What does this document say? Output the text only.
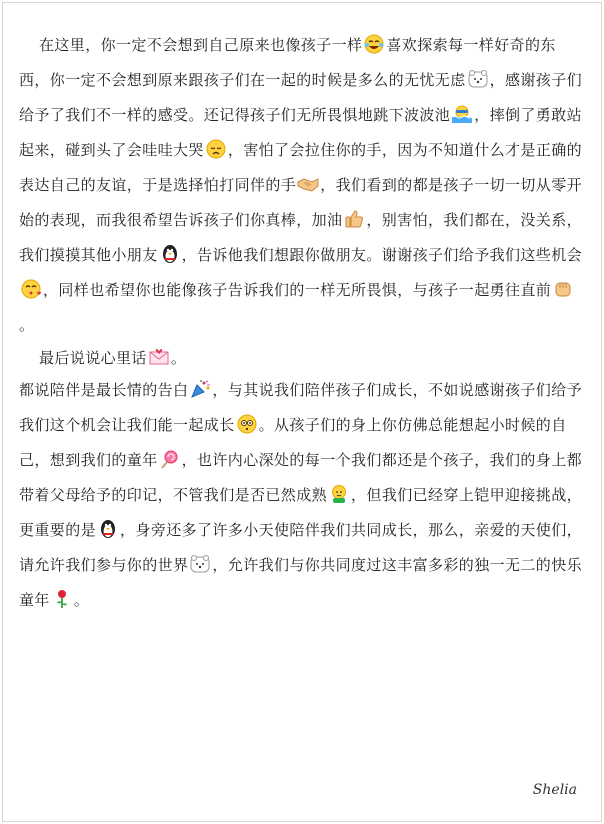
在这里，你一定不会想到自己原来也像孩子一样 喜欢探索每一样好奇的东西，你一定不会想到原来跟孩子们在一起的时候是多么的无忧无虑 ，感谢孩子们给予了我们不一样的感受。还记得孩子们无所畏惧地跳下波波池 ，摔倒了勇敢站起来，碰到头了会哇哇大哭 ，害怕了会拉住你的手，因为不知道什么才是正确的表达自己的友谊，于是选择怕打同伴的手 ，我们看到的都是孩子一切一切从零开始的表现，而我很希望告诉孩子们你真棒，加油 ，别害怕，我们都在，没关系，我们摸摸其他小朋友 ，告诉他我们想跟你做朋友。谢谢孩子们给予我们这些机会，同样也希望你也能像孩子告诉我们的一样无所畏惧，与孩子一起勇往直前。

最后说说心里话 。

都说陪伴是最长情的告白 ，与其说我们陪伴孩子们成长，不如说感谢孩子们给予我们这个机会让我们能一起成长 。从孩子们的身上你仿佛总能想起小时候的自己，想到我们的童年 ，也许内心深处的每一个我们都还是个孩子，我们的身上都带着父母给予的印记，不管我们是否已然成熟 ，但我们已经穿上铠甲迎接挑战，更重要的是 ，身旁还多了许多小天使陪伴我们共同成长，那么，亲爱的天使们，请允许我们参与你的世界 ，允许我们与你共同度过这丰富多彩的独一无二的快乐童年 。

Shelia
